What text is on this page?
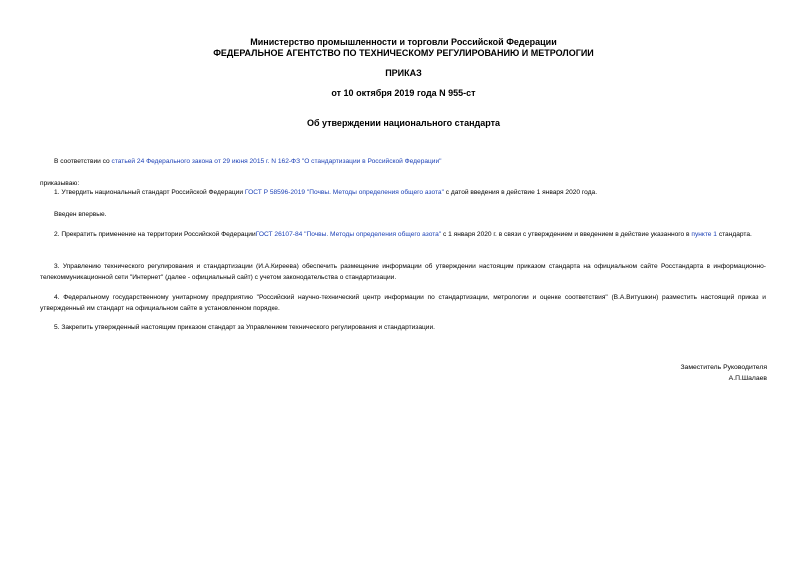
Министерство промышленности и торговли Российской Федерации
ФЕДЕРАЛЬНОЕ АГЕНТСТВО ПО ТЕХНИЧЕСКОМУ РЕГУЛИРОВАНИЮ И МЕТРОЛОГИИ
ПРИКАЗ
от 10 октября 2019 года N 955-ст
Об утверждении национального стандарта
В соответствии со статьей 24 Федерального закона от 29 июня 2015 г. N 162-ФЗ "О стандартизации в Российской Федерации"
приказываю:
1. Утвердить национальный стандарт Российской Федерации ГОСТ Р 58596-2019 "Почвы. Методы определения общего азота" с датой введения в действие 1 января 2020 года.
Введен впервые.
2. Прекратить применение на территории Российской ФедерацииГОСТ 26107-84 "Почвы. Методы определения общего азота" с 1 января 2020 г. в связи с утверждением и введением в действие указанного в пункте 1 стандарта.
3. Управлению технического регулирования и стандартизации (И.А.Киреева) обеспечить размещение информации об утверждении настоящим приказом стандарта на официальном сайте Росстандарта в информационно-телекоммуникационной сети "Интернет" (далее - официальный сайт) с учетом законодательства о стандартизации.
4. Федеральному государственному унитарному предприятию "Российский научно-технический центр информации по стандартизации, метрологии и оценке соответствия" (В.А.Витушкин) разместить настоящий приказ и утвержденный им стандарт на официальном сайте в установленном порядке.
5. Закрепить утвержденный настоящим приказом стандарт за Управлением технического регулирования и стандартизации.
Заместитель Руководителя
А.П.Шалаев
